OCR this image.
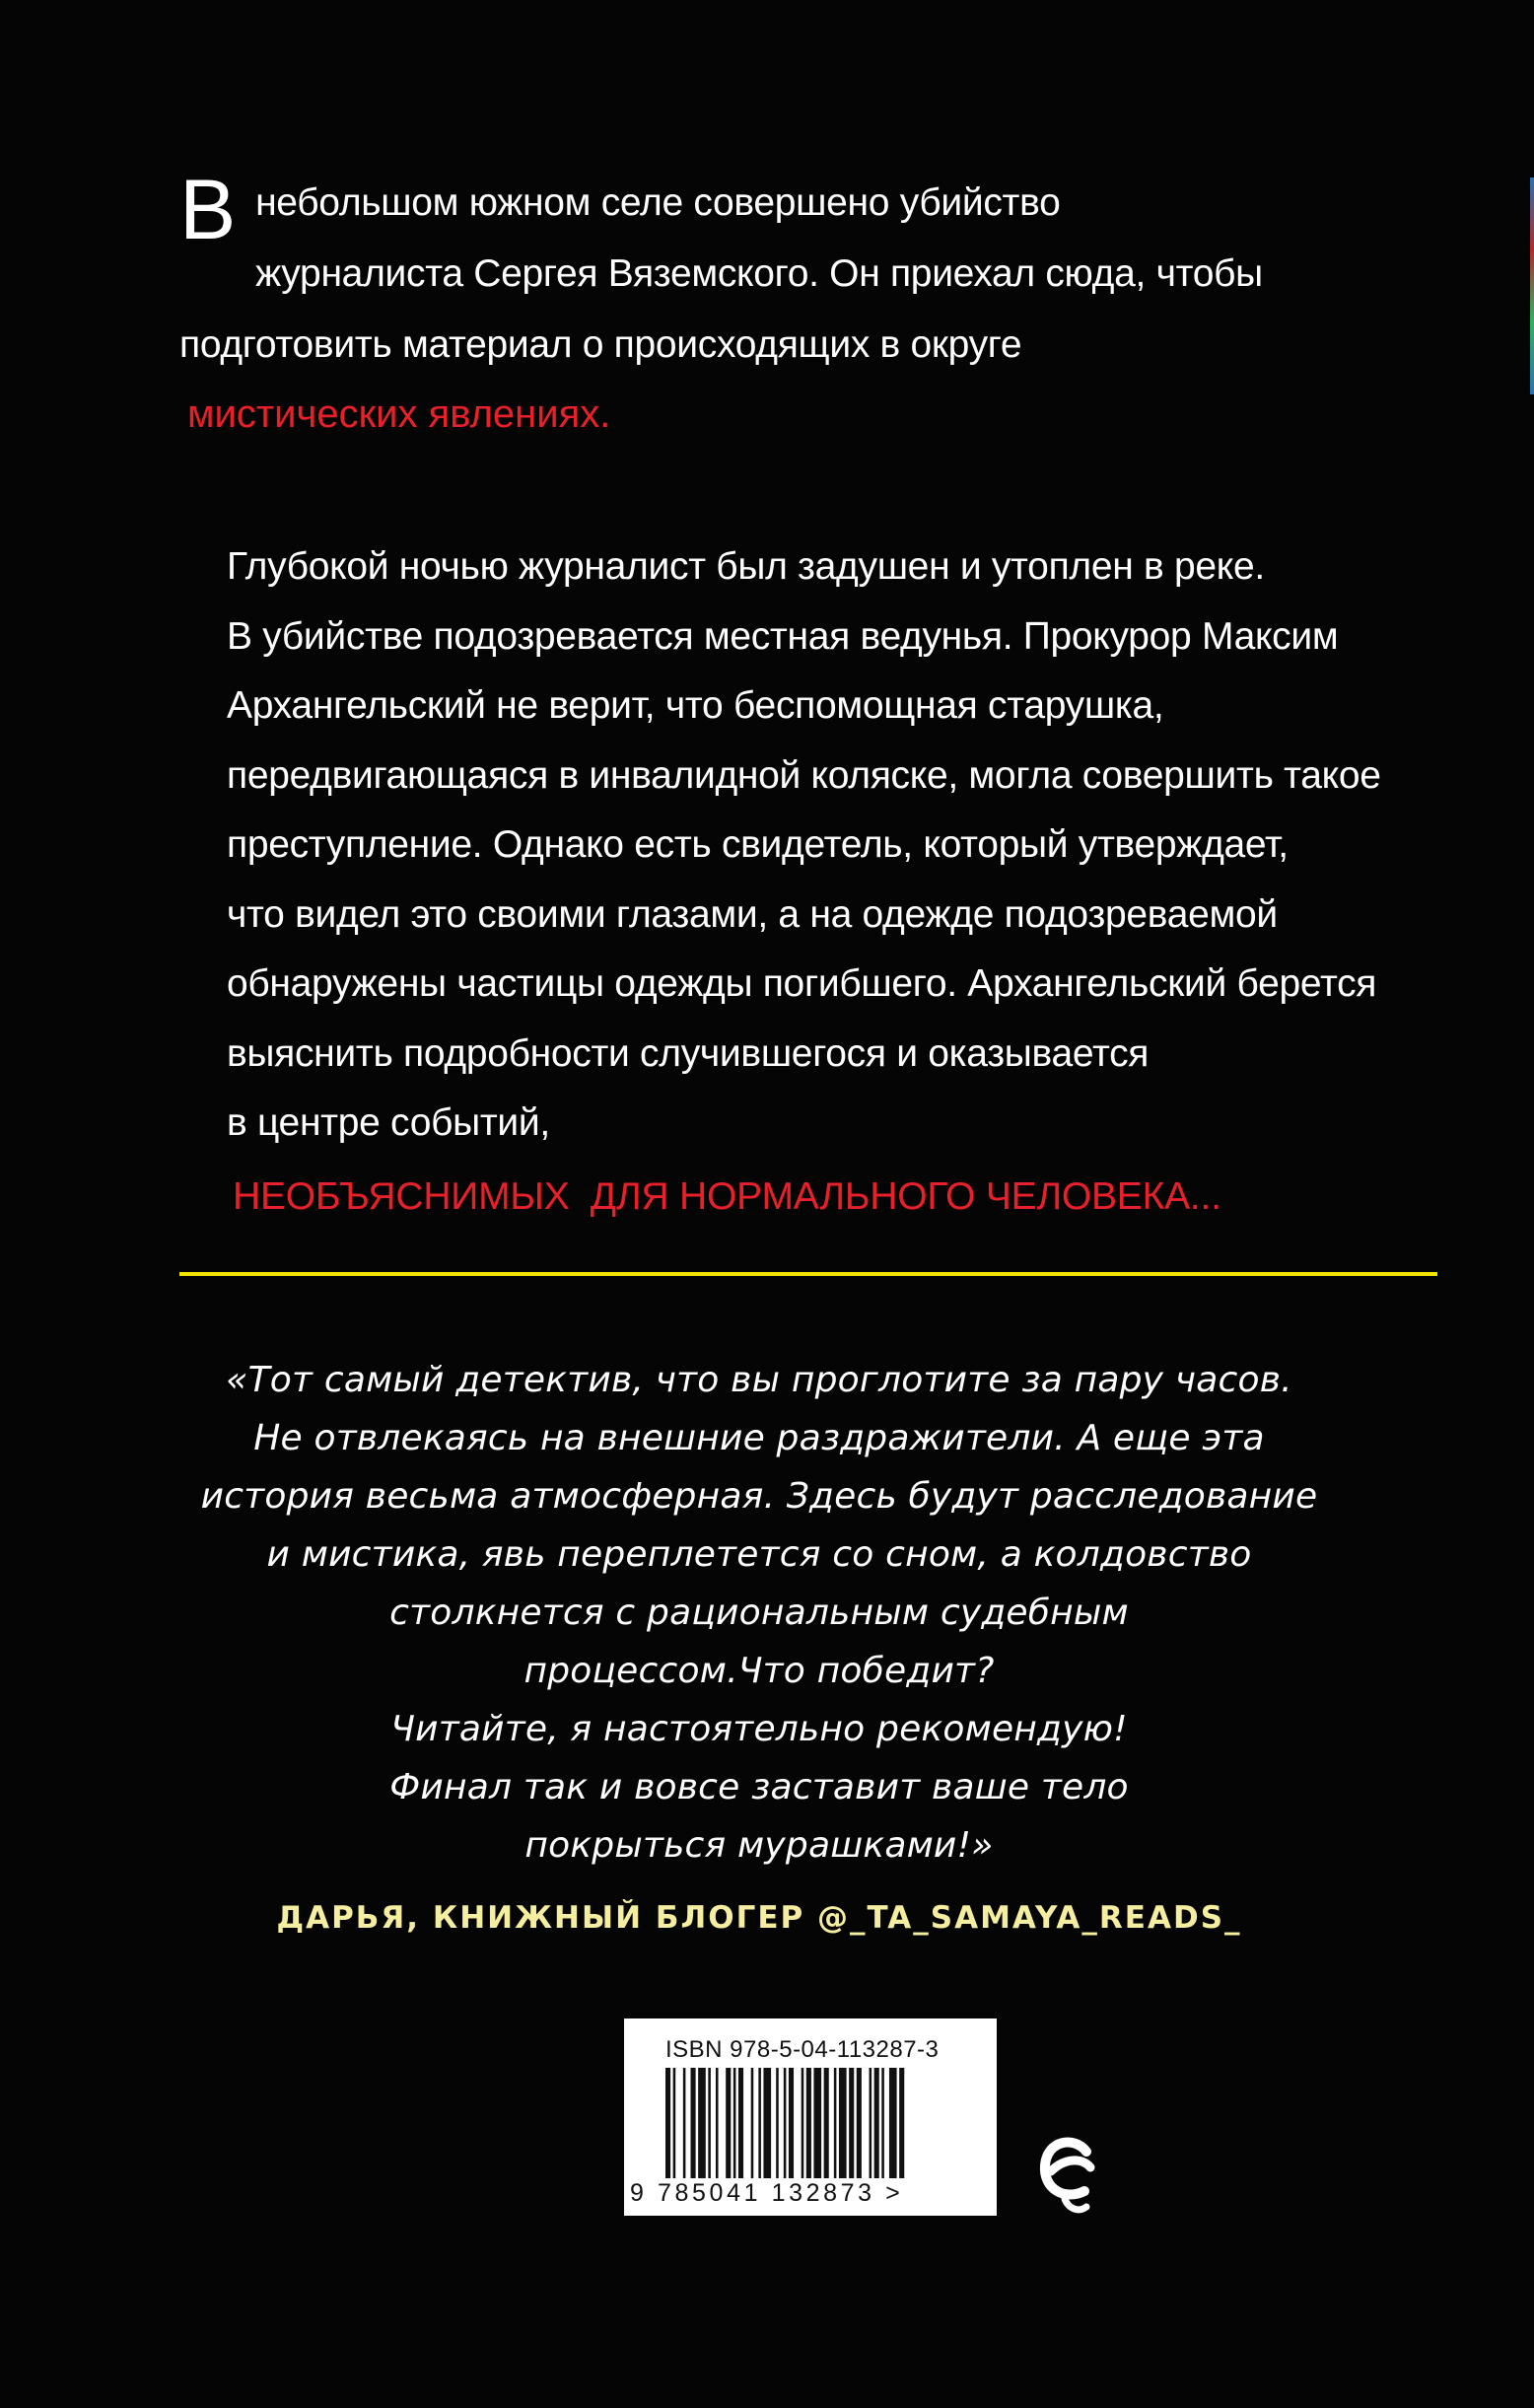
В небольшом южном селе совершено убийство
журналиста Сергея Вяземского. Он приехал сюда, чтобы
подготовить материал о происходящих в округе
мистических явлениях.
Глубокой ночью журналист был задушен и утоплен в реке.
В убийстве подозревается местная ведунья. Прокурор Максим
Архангельский не верит, что беспомощная старушка,
передвигающаяся в инвалидной коляске, могла совершить такое
преступление. Однако есть свидетель, который утверждает,
что видел это своими глазами, а на одежде подозреваемой
обнаружены частицы одежды погибшего. Архангельский берется
выяснить подробности случившегося и оказывается
в центре событий,
НЕОБЪЯСНИМЫХ  ДЛЯ НОРМАЛЬНОГО ЧЕЛОВЕКА...
«Тот самый детектив, что вы проглотите за пару часов.
Не отвлекаясь на внешние раздражители. А еще эта
история весьма атмосферная. Здесь будут расследование
и мистика, явь переплетется со сном, а колдовство
столкнется с рациональным судебным
процессом.Что победит?
Читайте, я настоятельно рекомендую!
Финал так и вовсе заставит ваше тело
покрыться мурашками!»
ДАРЬЯ, КНИЖНЫЙ БЛОГЕР @_TA_SAMAYA_READS_
ISBN 978-5-04-113287-3
9 785041 132873 >
